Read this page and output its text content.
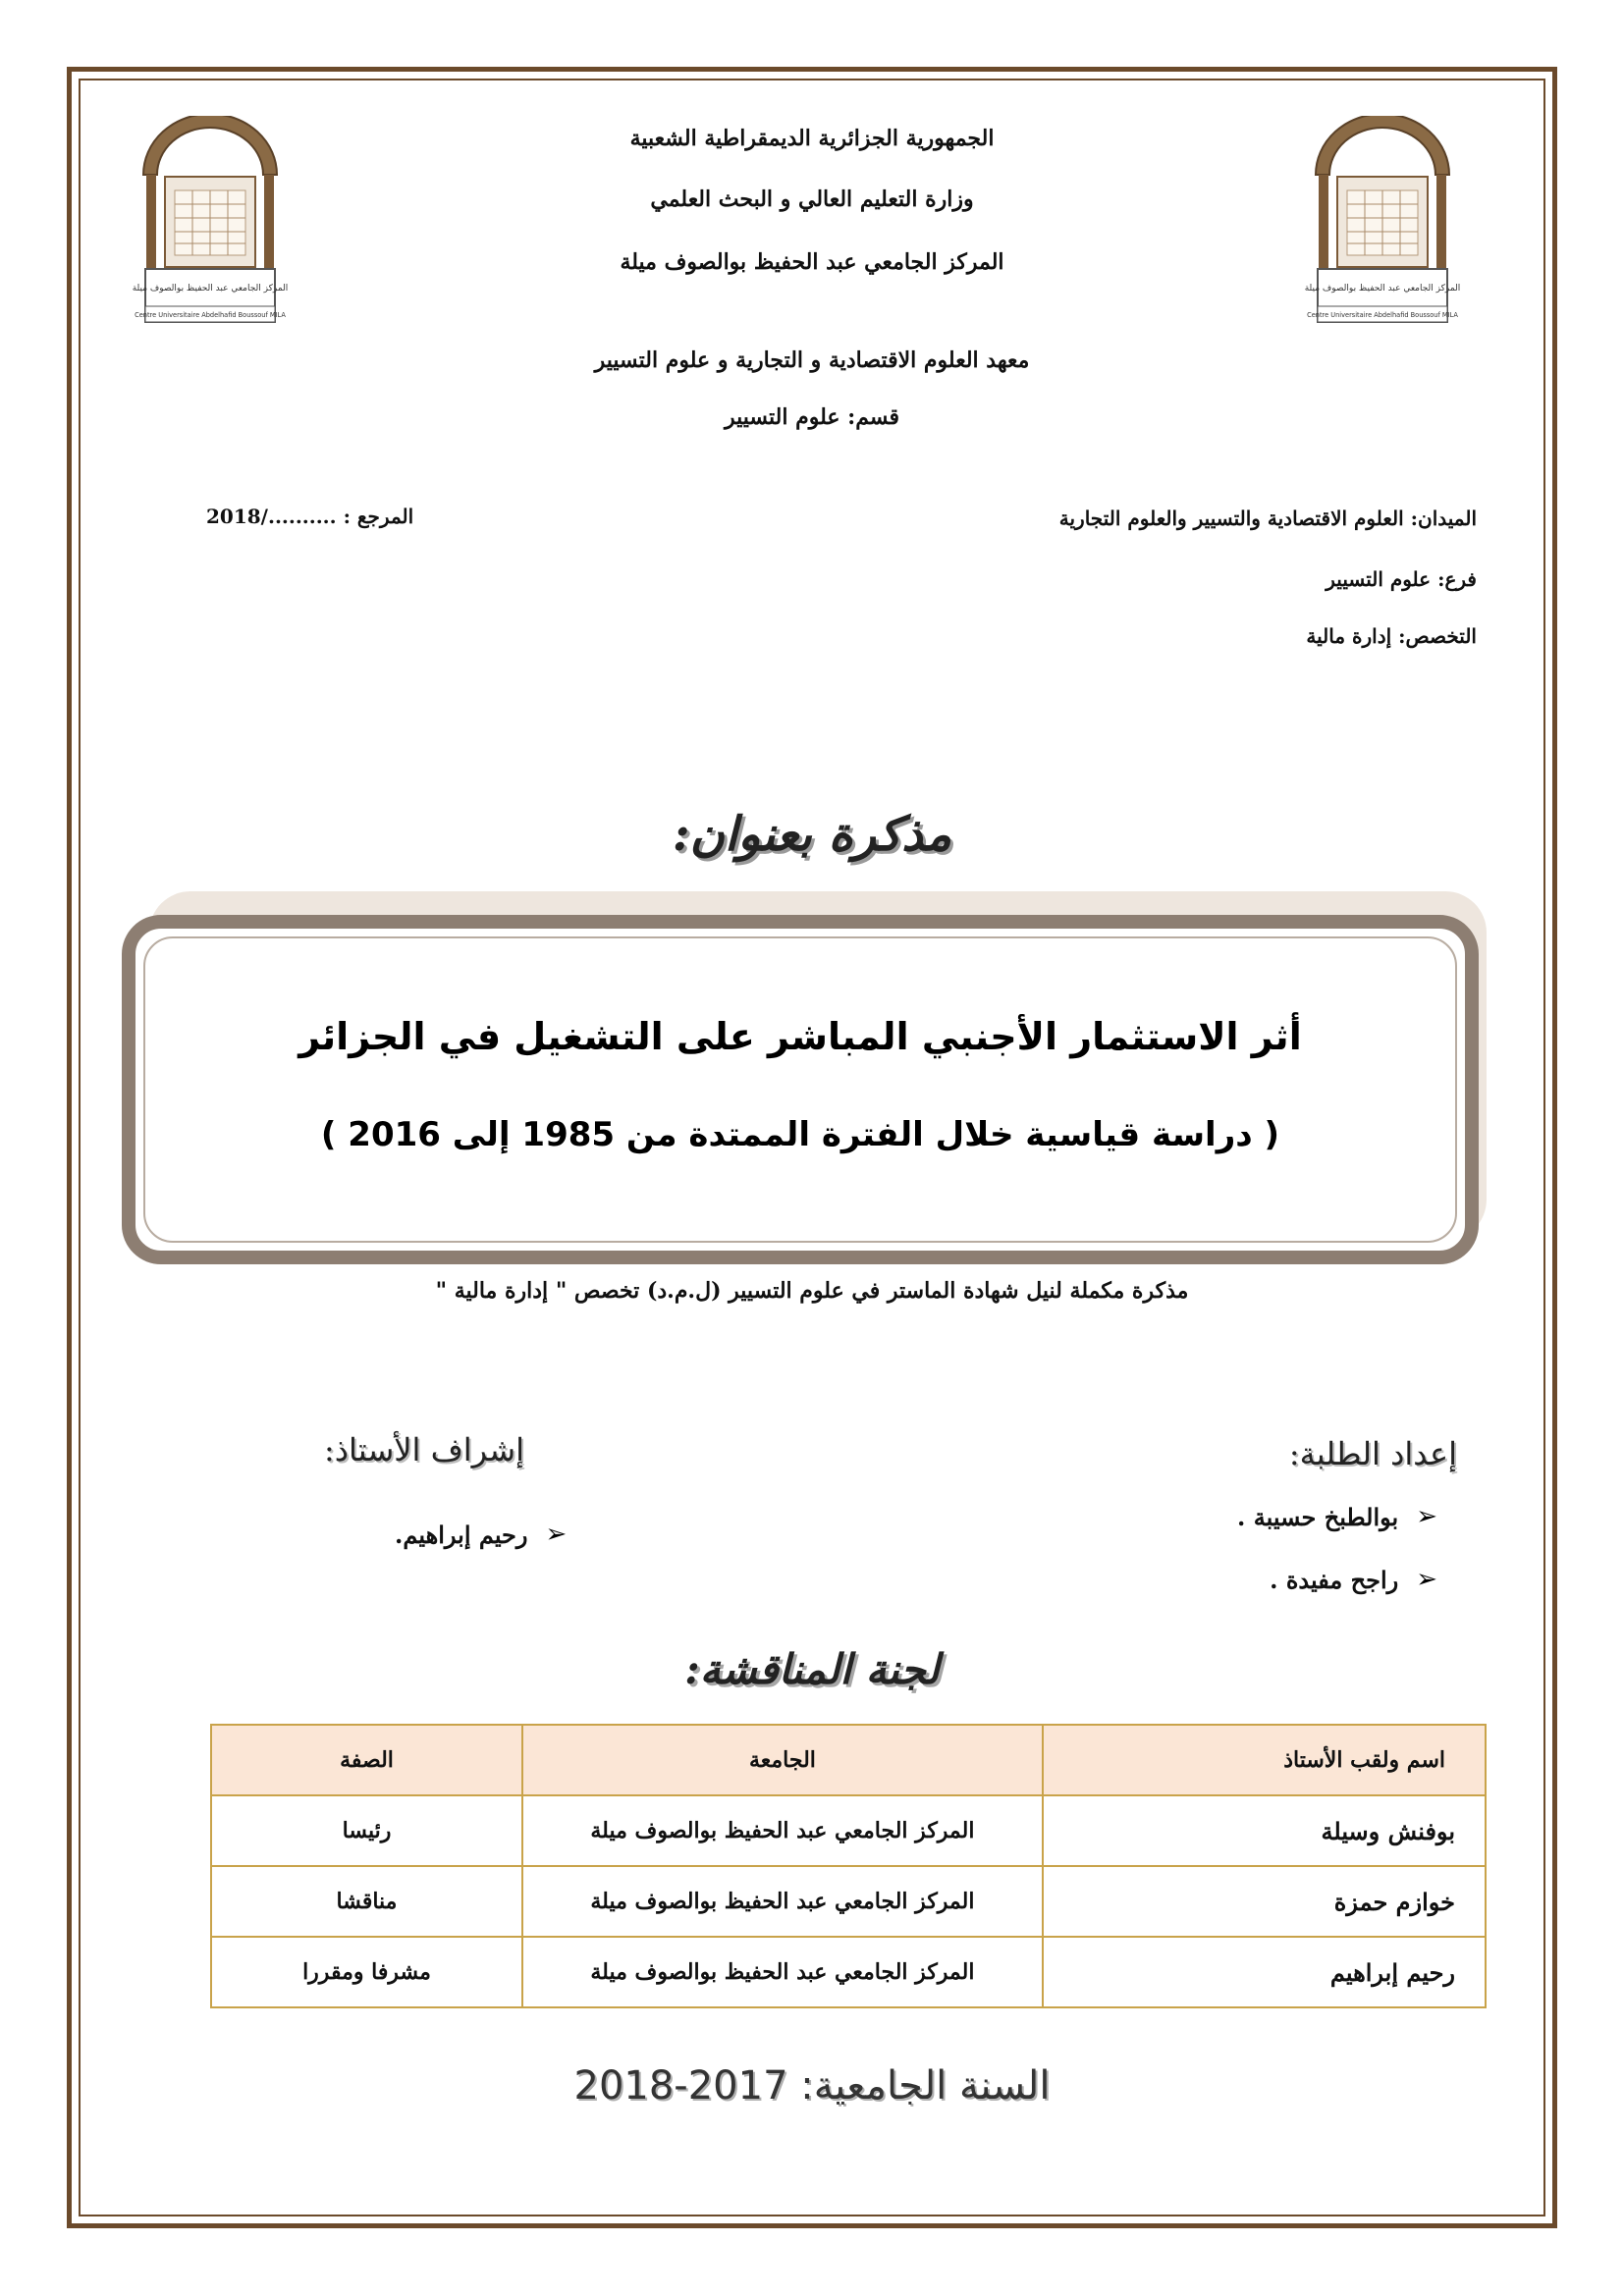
المركز الجامعي عبد الحفيظ بوالصوف ميلة
Centre Universitaire Abdelhafid Boussouf MILA
المركز الجامعي عبد الحفيظ بوالصوف ميلة
Centre Universitaire Abdelhafid Boussouf MILA
الجمهورية الجزائرية الديمقراطية الشعبية
وزارة التعليم العالي و البحث العلمي
المركز الجامعي عبد الحفيظ بوالصوف ميلة
معهد العلوم الاقتصادية و التجارية و علوم التسيير
قسم: علوم التسيير
الميدان: العلوم الاقتصادية والتسيير والعلوم التجارية
فرع: علوم التسيير
التخصص: إدارة مالية
المرجع : ........../2018
مذكرة بعنوان:
أثر الاستثمار الأجنبي المباشر على التشغيل في الجزائر
( دراسة قياسية خلال الفترة الممتدة من 1985 إلى 2016 )
مذكرة مكملة لنيل شهادة الماستر في علوم التسيير (ل.م.د) تخصص " إدارة مالية "
إعداد الطلبة:
➢
بوالطبخ حسيبة .
➢
راجح مفيدة .
إشراف الأستاذ:
➢
رحيم إبراهيم.
لجنة المناقشة:
اسم ولقب الأستاذ	الجامعة	الصفة
بوفنش وسيلة	المركز الجامعي عبد الحفيظ بوالصوف ميلة	رئيسا
خوازم حمزة	المركز الجامعي عبد الحفيظ بوالصوف ميلة	مناقشا
رحيم إبراهيم	المركز الجامعي عبد الحفيظ بوالصوف ميلة	مشرفا ومقررا
السنة الجامعية: 2017-2018
